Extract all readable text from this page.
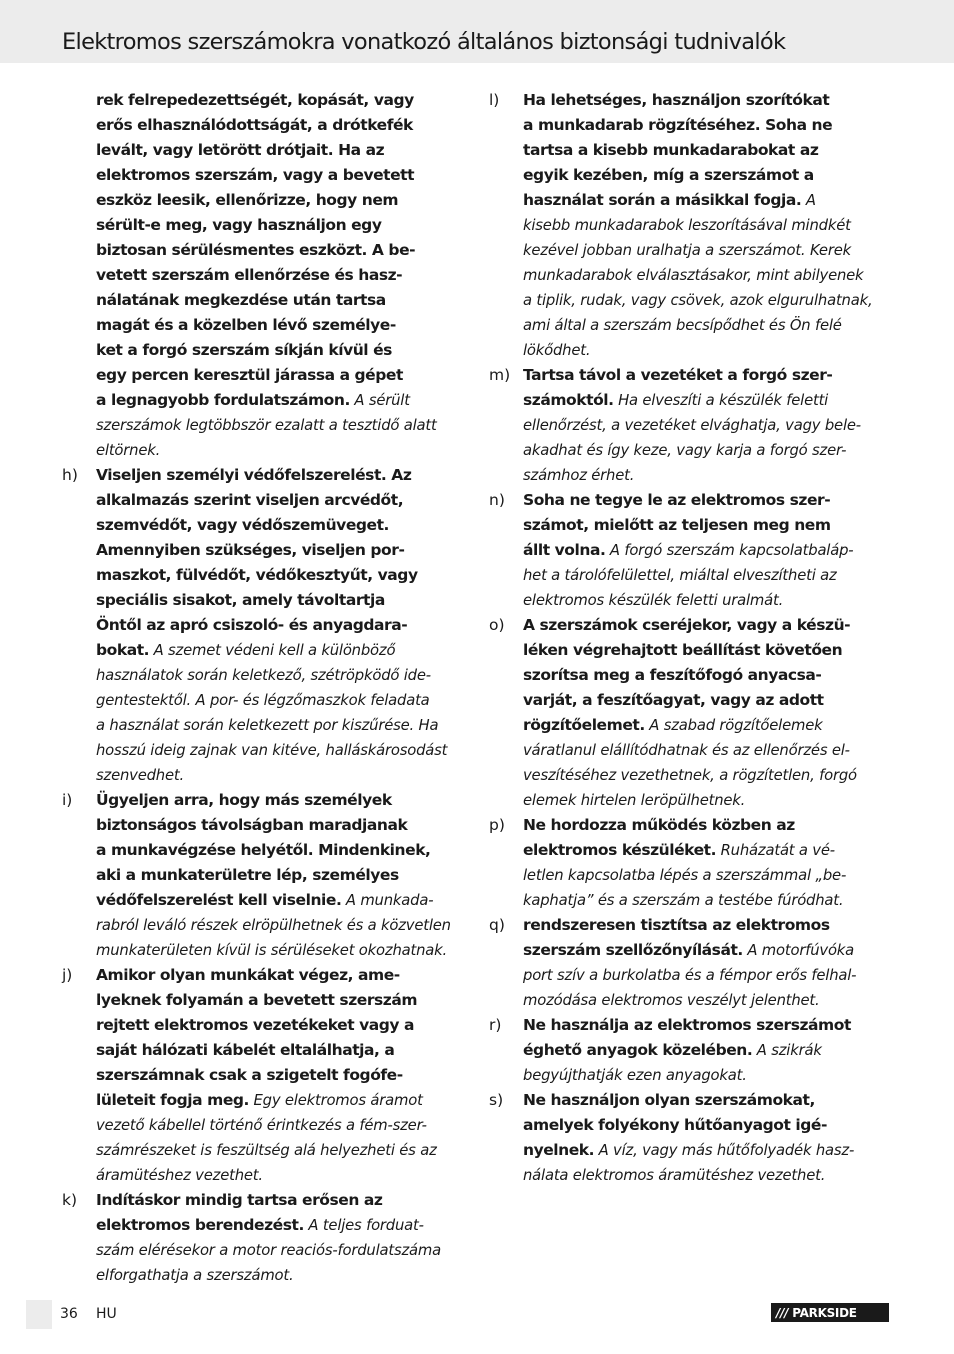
Elektromos szerszámokra vonatkozó általános biztonsági tudnivalók
rek felrepedezettségét, kopását, vagy
erős elhasználódottságát, a drótkefék
levált, vagy letörött drótjait. Ha az
elektromos szerszám, vagy a bevetett
eszköz leesik, ellenőrizze, hogy nem
sérült-e meg, vagy használjon egy
biztosan sérülésmentes eszközt. A be-
vetett szerszám ellenőrzése és hasz-
nálatának megkezdése után tartsa
magát és a közelben lévő személye-
ket a forgó szerszám síkján kívül és
egy percen keresztül járassa a gépet
a legnagyobb fordulatszámon. A sérült
szerszámok legtöbbször ezalatt a tesztidő alatt
eltörnek.
h) Viseljen személyi védőfelszerelést. Az
alkalmazás szerint viseljen arcvédőt,
szemvédőt, vagy védőszemüveget.
Amennyiben szükséges, viseljen por-
maszkot, fülvédőt, védőkesztyűt, vagy
speciális sisakot, amely távoltartja
Öntől az apró csiszoló- és anyagdara-
bokat. A szemet védeni kell a különböző
használatok során keletkező, szétröpködő ide-
gentestektől. A por- és légzőmaszkok feladata
a használat során keletkezett por kiszűrése. Ha
hosszú ideig zajnak van kitéve, halláskárosodást
szenvedhet.
i) Ügyeljen arra, hogy más személyek
biztonságos távolságban maradjanak
a munkavégzése helyétől. Mindenkinek,
aki a munkaterületre lép, személyes
védőfelszerelést kell viselnie. A munkada-
rabról leváló részek elröpülhetnek és a közvetlen
munkaterületen kívül is sérüléseket okozhatnak.
j) Amikor olyan munkákat végez, ame-
lyeknek folyamán a bevetett szerszám
rejtett elektromos vezetékeket vagy a
saját hálózati kábelét eltalálhatja, a
szerszámnak csak a szigetelt fogófe-
lületeit fogja meg. Egy elektromos áramot
vezető kábellel történő érintkezés a fém-szer-
számrészeket is feszültség alá helyezheti és az
áramütéshez vezethet.
k) Indításkor mindig tartsa erősen az
elektromos berendezést. A teljes forduat-
szám elérésekor a motor reaciós-fordulatszáma
elforgathatja a szerszámot.
l) Ha lehetséges, használjon szorítókat
a munkadarab rögzítéséhez. Soha ne
tartsa a kisebb munkadarabokat az
egyik kezében, míg a szerszámot a
használat során a másikkal fogja. A
kisebb munkadarabok leszorításával mindkét
kezével jobban uralhatja a szerszámot. Kerek
munkadarabok elválasztásakor, mint abilyenek
a tiplik, rudak, vagy csövek, azok elgurulhatnak,
ami által a szerszám becsípődhet és Ön felé
lökődhet.
m) Tartsa távol a vezetéket a forgó szer-
számoktól. Ha elveszíti a készülék feletti
ellenőrzést, a vezetéket elvághatja, vagy bele-
akadhat és így keze, vagy karja a forgó szer-
számhoz érhet.
n) Soha ne tegye le az elektromos szer-
számot, mielőtt az teljesen meg nem
állt volna. A forgó szerszám kapcsolatbaláp-
het a tárolófelülettel, miáltal elveszítheti az
elektromos készülék feletti uralmát.
o) A szerszámok cseréjekor, vagy a készü-
léken végrehajtott beállítást követően
szorítsa meg a feszítőfogó anyacsa-
varját, a feszítőagyat, vagy az adott
rögzítőelemet. A szabad rögzítőelemek
váratlanul elállítódhatnak és az ellenőrzés el-
veszítéséhez vezethetnek, a rögzítetlen, forgó
elemek hirtelen leröpülhetnek.
p) Ne hordozza működés közben az
elektromos készüléket. Ruházatát a vé-
letlen kapcsolatba lépés a szerszámmal „be-
kaphatja” és a szerszám a testébe fúródhat.
q) rendszeresen tisztítsa az elektromos
szerszám szellőzőnyílását. A motorfúvóka
port szív a burkolatba és a fémpor erős felhal-
mozódása elektromos veszélyt jelenthet.
r) Ne használja az elektromos szerszámot
éghető anyagok közelében. A szikrák
begyújthatják ezen anyagokat.
s) Ne használjon olyan szerszámokat,
amelyek folyékony hűtőanyagot igé-
nyelnek. A víz, vagy más hűtőfolyadék hasz-
nálata elektromos áramütéshez vezethet.
36 HU	/// PARKSIDE
